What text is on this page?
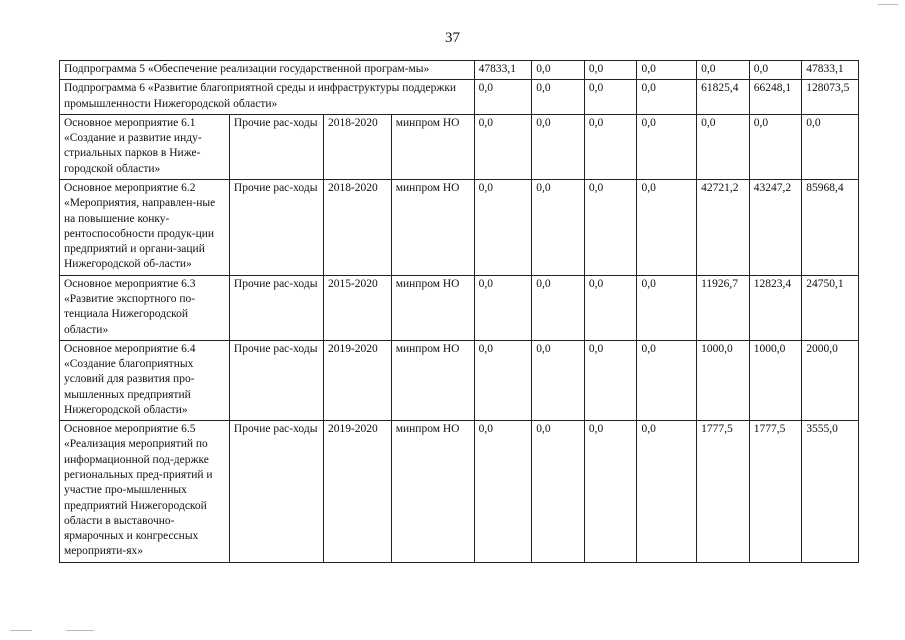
37
Подпрограмма 5 «Обеспечение реализации государственной програм-мы»				47833,1	0,0	0,0	0,0	0,0	0,0	47833,1
Подпрограмма 6 «Развитие благоприятной среды и инфраструктуры поддержки промышленности Нижегородской области»				0,0	0,0	0,0	0,0	61825,4	66248,1	128073,5
Основное мероприятие 6.1 «Создание и развитие инду-стриальных парков в Ниже-городской области»	Прочие рас-ходы	2018-2020	минпром НО	0,0	0,0	0,0	0,0	0,0	0,0	0,0
Основное мероприятие 6.2 «Мероприятия, направлен-ные на повышение конку-рентоспособности продук-ции предприятий и органи-заций Нижегородской об-ласти»	Прочие рас-ходы	2018-2020	минпром НО	0,0	0,0	0,0	0,0	42721,2	43247,2	85968,4
Основное мероприятие 6.3 «Развитие экспортного по-тенциала Нижегородской области»	Прочие рас-ходы	2015-2020	минпром НО	0,0	0,0	0,0	0,0	11926,7	12823,4	24750,1
Основное мероприятие 6.4 «Создание благоприятных условий для развития про-мышленных предприятий Нижегородской области»	Прочие рас-ходы	2019-2020	минпром НО	0,0	0,0	0,0	0,0	1000,0	1000,0	2000,0
Основное мероприятие 6.5 «Реализация мероприятий по информационной под-держке региональных пред-приятий и участие про-мышленных предприятий Нижегородской области в выставочно-ярмарочных и конгрессных мероприяти-ях»	Прочие рас-ходы	2019-2020	минпром НО	0,0	0,0	0,0	0,0	1777,5	1777,5	3555,0
